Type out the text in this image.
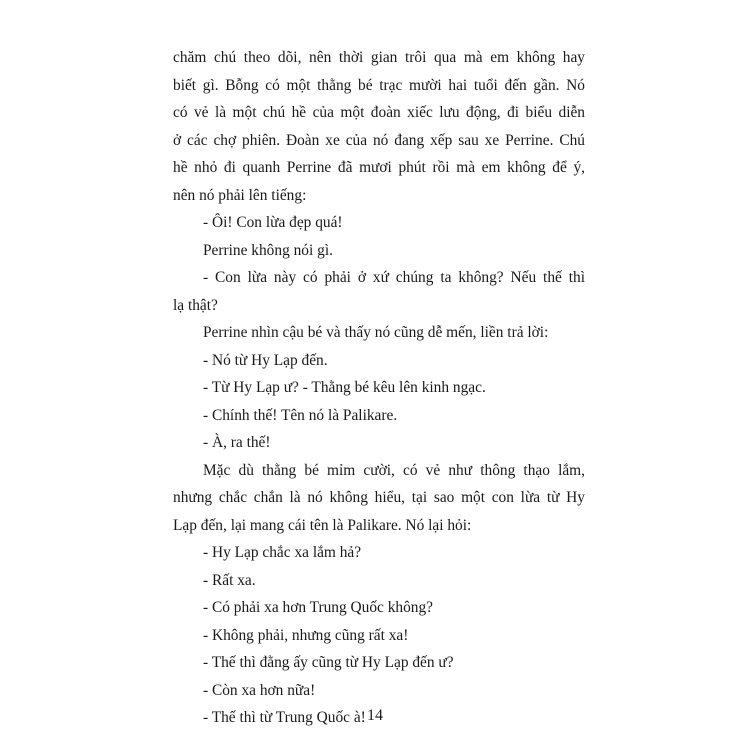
chăm chú theo dõi, nên thời gian trôi qua mà em không hay
biết gì. Bỗng có một thằng bé trạc mười hai tuổi đến gần. Nó
có vẻ là một chú hề của một đoàn xiếc lưu động, đi biểu diễn
ở các chợ phiên. Đoàn xe của nó đang xếp sau xe Perrine. Chú
hề nhỏ đi quanh Perrine đã mươi phút rồi mà em không để ý,
nên nó phải lên tiếng:
- Ôi! Con lừa đẹp quá!
Perrine không nói gì.
- Con lừa này có phải ở xứ chúng ta không? Nếu thế thì
lạ thật?
Perrine nhìn cậu bé và thấy nó cũng dễ mến, liền trả lời:
- Nó từ Hy Lạp đến.
- Từ Hy Lạp ư? - Thằng bé kêu lên kinh ngạc.
- Chính thế! Tên nó là Palikare.
- À, ra thế!
Mặc dù thằng bé mỉm cười, có vẻ như thông thạo lắm,
nhưng chắc chắn là nó không hiểu, tại sao một con lừa từ Hy
Lạp đến, lại mang cái tên là Palikare. Nó lại hỏi:
- Hy Lạp chắc xa lắm hả?
- Rất xa.
- Có phải xa hơn Trung Quốc không?
- Không phải, nhưng cũng rất xa!
- Thế thì đằng ấy cũng từ Hy Lạp đến ư?
- Còn xa hơn nữa!
- Thế thì từ Trung Quốc à! 14
